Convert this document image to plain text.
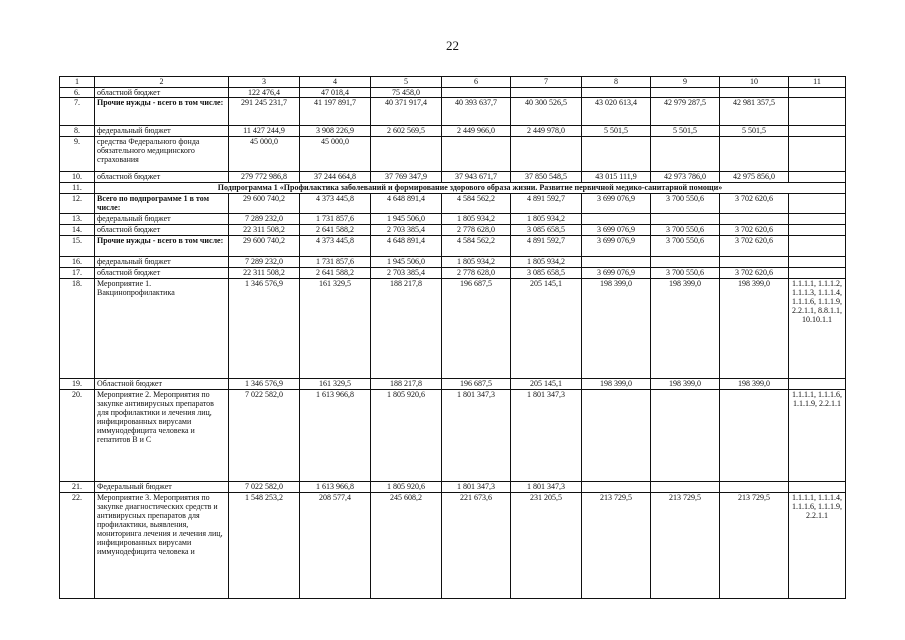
22
1	2	3	4	5	6	7	8	9	10	11
6.	областной бюджет	122 476,4	47 018,4	75 458,0						
7.	Прочие нужды - всего в том числе:	291 245 231,7	41 197 891,7	40 371 917,4	40 393 637,7	40 300 526,5	43 020 613,4	42 979 287,5	42 981 357,5	
8.	федеральный бюджет	11 427 244,9	3 908 226,9	2 602 569,5	2 449 966,0	2 449 978,0	5 501,5	5 501,5	5 501,5	
9.	средства Федерального фонда обязательного медицинского страхования	45 000,0	45 000,0							
10.	областной бюджет	279 772 986,8	37 244 664,8	37 769 347,9	37 943 671,7	37 850 548,5	43 015 111,9	42 973 786,0	42 975 856,0	
11.	Подпрограмма 1 «Профилактика заболеваний и формирование здорового образа жизни. Развитие первичной медико-санитарной помощи»									
12.	Всего по подпрограмме 1 в том числе:	29 600 740,2	4 373 445,8	4 648 891,4	4 584 562,2	4 891 592,7	3 699 076,9	3 700 550,6	3 702 620,6	
13.	федеральный бюджет	7 289 232,0	1 731 857,6	1 945 506,0	1 805 934,2	1 805 934,2				
14.	областной бюджет	22 311 508,2	2 641 588,2	2 703 385,4	2 778 628,0	3 085 658,5	3 699 076,9	3 700 550,6	3 702 620,6	
15.	Прочие нужды - всего в том числе:	29 600 740,2	4 373 445,8	4 648 891,4	4 584 562,2	4 891 592,7	3 699 076,9	3 700 550,6	3 702 620,6	
16.	федеральный бюджет	7 289 232,0	1 731 857,6	1 945 506,0	1 805 934,2	1 805 934,2				
17.	областной бюджет	22 311 508,2	2 641 588,2	2 703 385,4	2 778 628,0	3 085 658,5	3 699 076,9	3 700 550,6	3 702 620,6	
18.	Мероприятие 1. Вакцинопрофилактика	1 346 576,9	161 329,5	188 217,8	196 687,5	205 145,1	198 399,0	198 399,0	198 399,0	1.1.1.1, 1.1.1.2, 1.1.1.3, 1.1.1.4, 1.1.1.6, 1.1.1.9, 2.2.1.1, 8.8.1.1, 10.10.1.1
19.	Областной бюджет	1 346 576,9	161 329,5	188 217,8	196 687,5	205 145,1	198 399,0	198 399,0	198 399,0	
20.	Мероприятие 2. Мероприятия по закупке антивирусных препаратов для профилактики и лечения лиц, инфицированных вирусами иммунодефицита человека и гепатитов В и С	7 022 582,0	1 613 966,8	1 805 920,6	1 801 347,3	1 801 347,3				1.1.1.1, 1.1.1.6, 1.1.1.9, 2.2.1.1
21.	Федеральный бюджет	7 022 582,0	1 613 966,8	1 805 920,6	1 801 347,3	1 801 347,3				
22.	Мероприятие 3. Мероприятия по закупке диагностических средств и антивирусных препаратов для профилактики, выявления, мониторинга лечения и лечения лиц, инфицированных вирусами иммунодефицита человека и	1 548 253,2	208 577,4	245 608,2	221 673,6	231 205,5	213 729,5	213 729,5	213 729,5	1.1.1.1, 1.1.1.4, 1.1.1.6, 1.1.1.9, 2.2.1.1
